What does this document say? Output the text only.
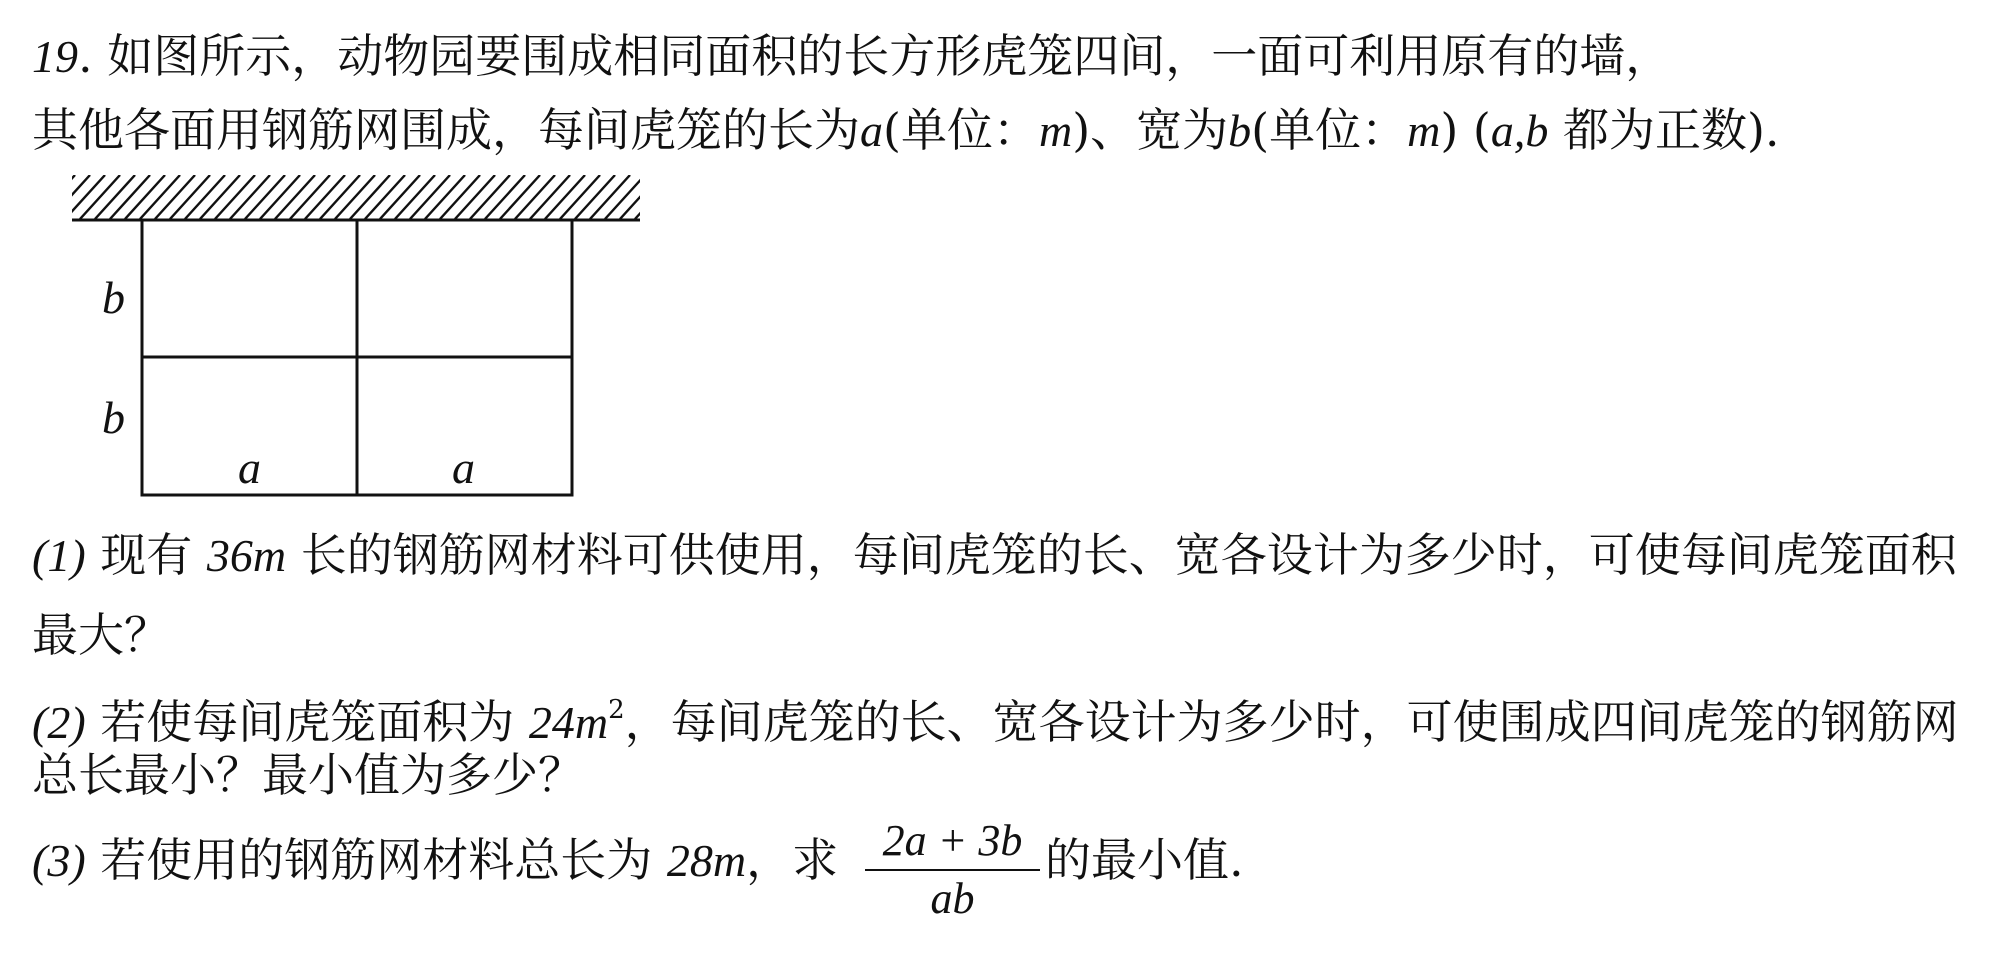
19. 如图所示，动物园要围成相同面积的长方形虎笼四间，一面可利用原有的墙，
其他各面用钢筋网围成，每间虎笼的长为a(单位：m)、宽为b(单位：m) (a,b 都为正数).
b
b
a	a
(1) 现有 36m 长的钢筋网材料可供使用，每间虎笼的长、宽各设计为多少时，可使每间虎笼面积
最大？
(2) 若使每间虎笼面积为 $24m^2$，每间虎笼的长、宽各设计为多少时，可使围成四间虎笼的钢筋网
总长最小？最小值为多少？
(3) 若使用的钢筋网材料总长为 28m，求	2a + 3b
ab
的最小值.
